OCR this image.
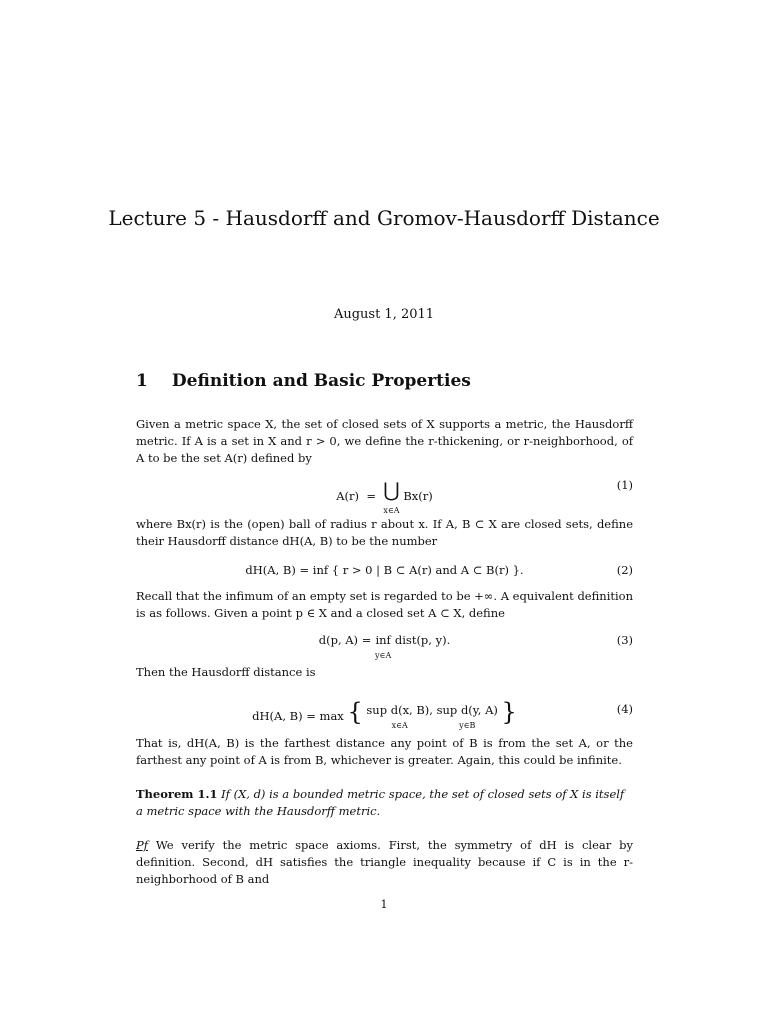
Lecture 5 - Hausdorff and Gromov-Hausdorff Distance
August 1, 2011
1 Definition and Basic Properties
Given a metric space X, the set of closed sets of X supports a metric, the Hausdorff metric. If A is a set in X and r > 0, we define the r-thickening, or r-neighborhood, of A to be the set A(r) defined by
A(r) = ⋃
x∈A Bx(r)
(1)
where Bx(r) is the (open) ball of radius r about x. If A, B ⊂ X are closed sets, define their Hausdorff distance dH(A, B) to be the number
dH(A, B) = inf { r > 0 | B ⊂ A(r) and A ⊂ B(r) }.	(2)
Recall that the infimum of an empty set is regarded to be +∞. A equivalent definition is as follows. Given a point p ∈ X and a closed set A ⊂ X, define
d(p, A) = inf
y∈A dist(p, y).	(3)
Then the Hausdorff distance is
dH(A, B) = max { sup d(x, B),
x∈A sup d(y, A)
y∈B }	(4)
That is, dH(A, B) is the farthest distance any point of B is from the set A, or the farthest any point of A is from B, whichever is greater. Again, this could be infinite.
Theorem 1.1 If (X, d) is a bounded metric space, the set of closed sets of X is itself a metric space with the Hausdorff metric.
Pf We verify the metric space axioms. First, the symmetry of dH is clear by definition. Second, dH satisfies the triangle inequality because if C is in the r-neighborhood of B and
1
